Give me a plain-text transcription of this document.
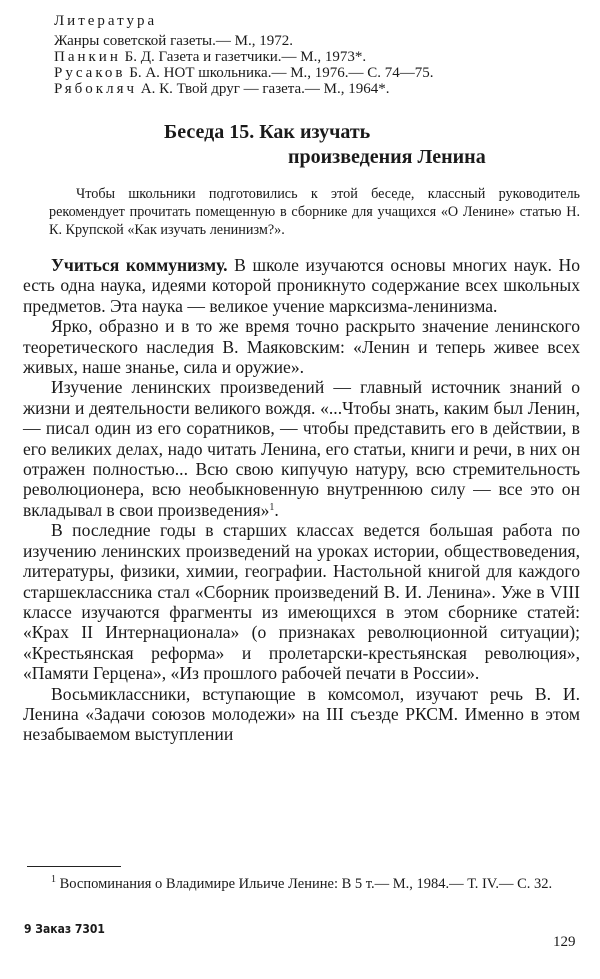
Литература
Жанры советской газеты.— М., 1972.
Панкин Б. Д. Газета и газетчики.— М., 1973*.
Русаков Б. А. НОТ школьника.— М., 1976.— С. 74—75.
Рябокляч А. К. Твой друг — газета.— М., 1964*.
Беседа 15. Как изучать
произведения Ленина

Чтобы школьники подготовились к этой беседе, классный руководитель рекомендует прочитать помещенную в сборнике для учащихся «О Ленине» статью Н. К. Крупской «Как изучать ленинизм?».

Учиться коммунизму. В школе изучаются основы многих наук. Но есть одна наука, идеями которой проникнуто содержание всех школьных предметов. Эта наука — великое учение марксизма-ленинизма.

Ярко, образно и в то же время точно раскрыто значение ленинского теоретического наследия В. Маяковским: «Ленин и теперь живее всех живых, наше знанье, сила и оружие».

Изучение ленинских произведений — главный источник знаний о жизни и деятельности великого вождя. «...Чтобы знать, каким был Ленин, — писал один из его соратников, — чтобы представить его в действии, в его великих делах, надо читать Ленина, его статьи, книги и речи, в них он отражен полностью... Всю свою кипучую натуру, всю стремительность революционера, всю необыкновенную внутреннюю силу — все это он вкладывал в свои произведения»$^1$.

В последние годы в старших классах ведется большая работа по изучению ленинских произведений на уроках истории, обществоведения, литературы, физики, химии, географии. Настольной книгой для каждого старшеклассника стал «Сборник произведений В. И. Ленина». Уже в VIII классе изучаются фрагменты из имеющихся в этом сборнике статей: «Крах II Интернационала» (о признаках революционной ситуации); «Крестьянская реформа» и пролетарски-крестьянская революция», «Памяти Герцена», «Из прошлого рабочей печати в России».

Восьмиклассники, вступающие в комсомол, изучают речь В. И. Ленина «Задачи союзов молодежи» на III съезде РКСМ. Именно в этом незабываемом выступлении

$^1$ Воспоминания о Владимире Ильиче Ленине: В 5 т.— М., 1984.— Т. IV.— С. 32.

9 Заказ 7301
129
